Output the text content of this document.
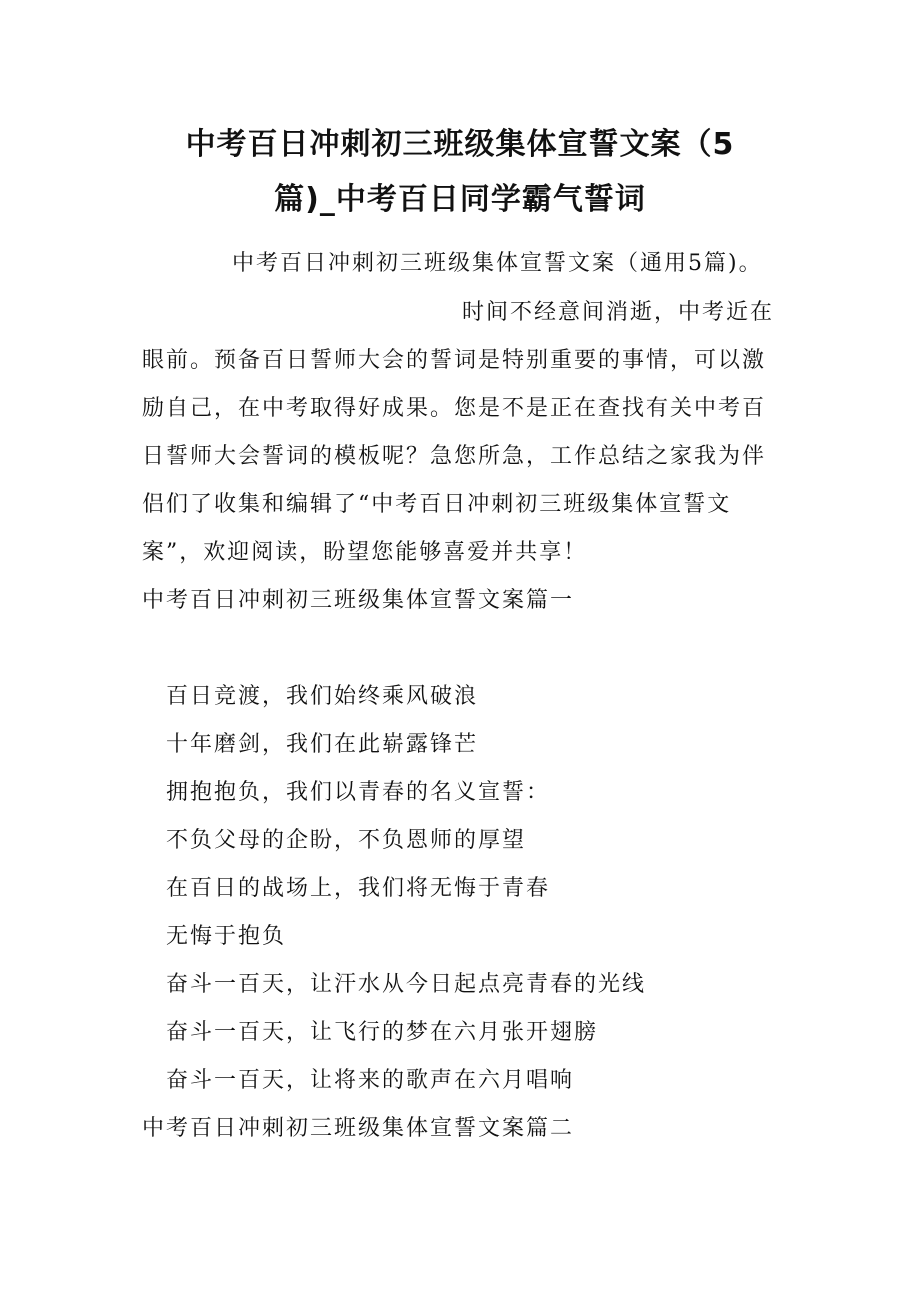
中考百日冲刺初三班级集体宣誓文案（5
篇)_中考百日同学霸气誓词

中考百日冲刺初三班级集体宣誓文案（通用5篇)。

时间不经意间消逝，中考近在

眼前。预备百日誓师大会的誓词是特别重要的事情，可以激

励自己，在中考取得好成果。您是不是正在查找有关中考百

日誓师大会誓词的模板呢？急您所急，工作总结之家我为伴

侣们了收集和编辑了“中考百日冲刺初三班级集体宣誓文

案”，欢迎阅读，盼望您能够喜爱并共享！

中考百日冲刺初三班级集体宣誓文案篇一

百日竞渡，我们始终乘风破浪

十年磨剑，我们在此崭露锋芒

拥抱抱负，我们以青春的名义宣誓：

不负父母的企盼，不负恩师的厚望

在百日的战场上，我们将无悔于青春

无悔于抱负

奋斗一百天，让汗水从今日起点亮青春的光线

奋斗一百天，让飞行的梦在六月张开翅膀

奋斗一百天，让将来的歌声在六月唱响

中考百日冲刺初三班级集体宣誓文案篇二
